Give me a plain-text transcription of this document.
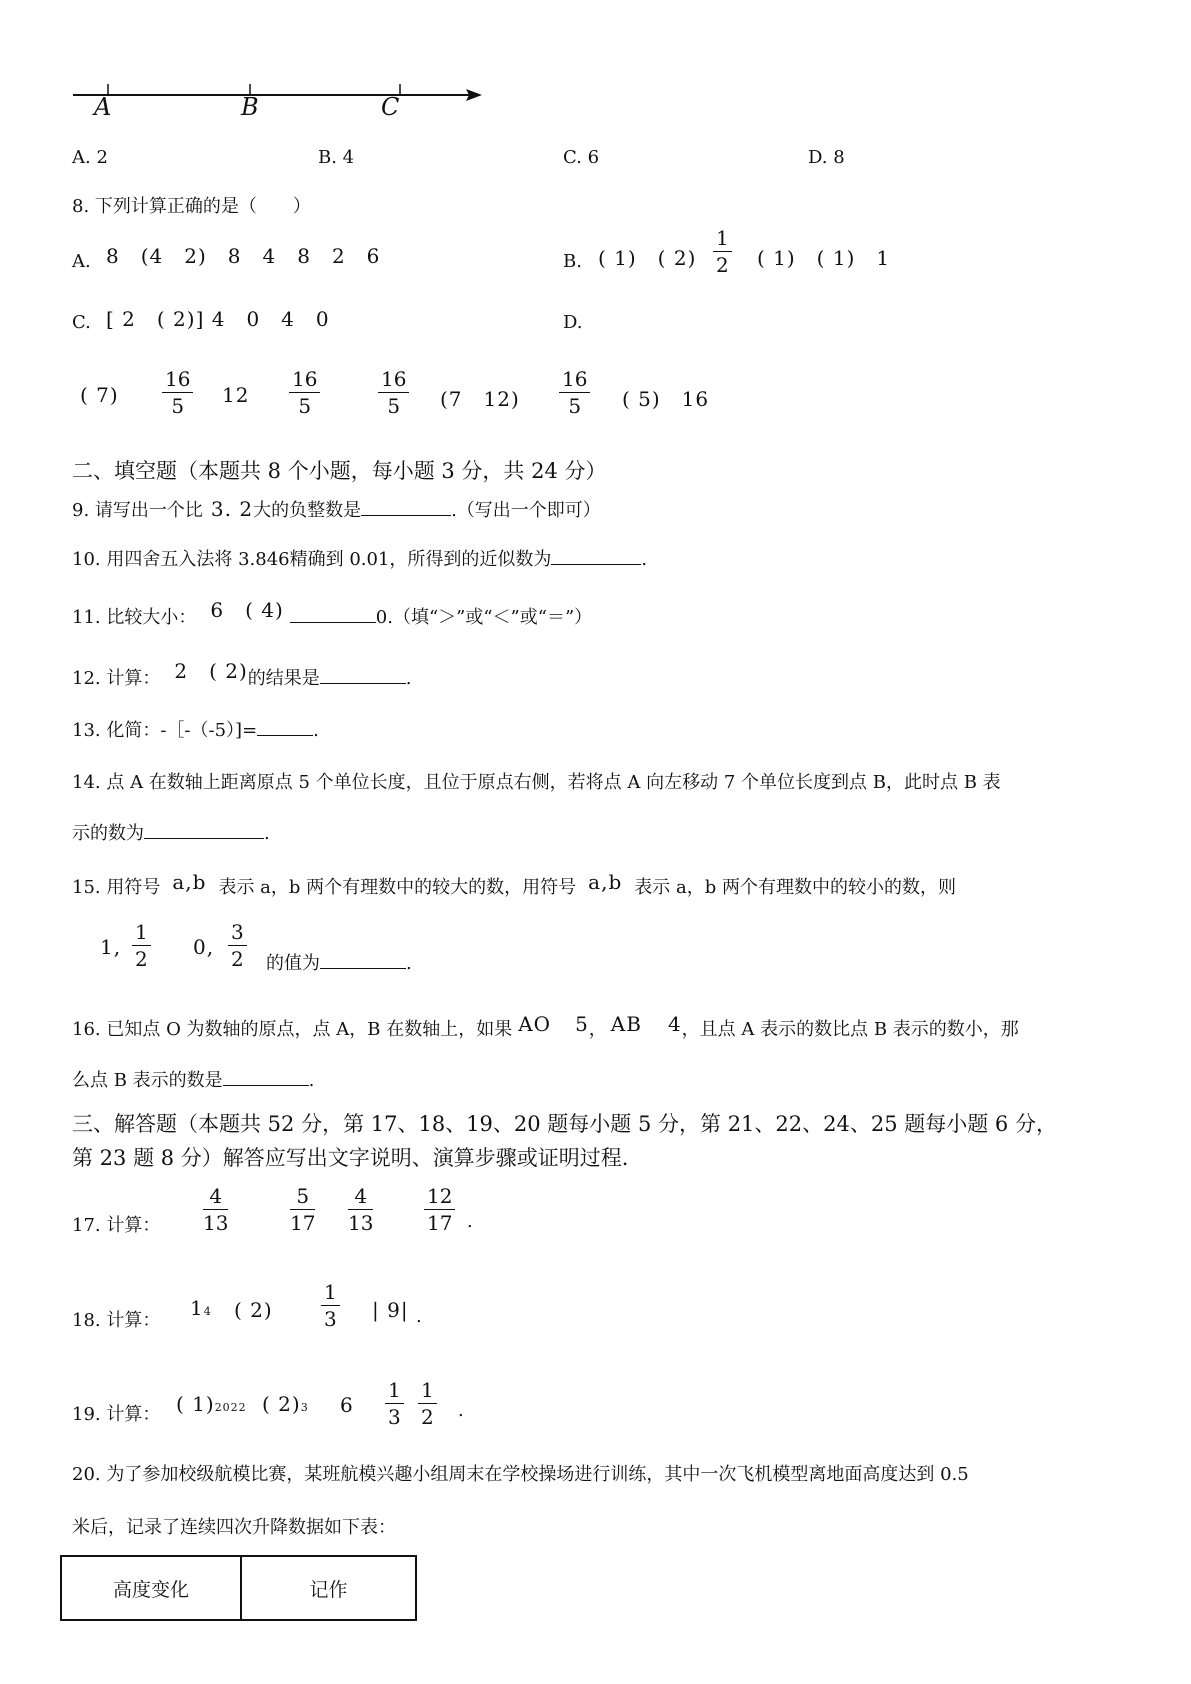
A	B	C
A. 2	B. 4	C. 6	D. 8
8. 下列计算正确的是（　　）
A. 8　(4　2)　8　4　8　2　6	B. ( 1)　( $2) \frac{1}{2}$ ( 1)　( 1)　1
C. [ 2　( 2)] 4　0　4　0	D.
( $7) \frac{16}{5} 12 \frac{16}{5}$	$\frac{16}{5} (7$　$12) \frac{16}{5}$ ( 5)　16
二、填空题（本题共 8 个小题，每小题 3 分，共 24 分）
9. 请写出一个比 3. 2大的负整数是	.（写出一个即可）
10. 用四舍五入法将 3.846精确到 0.01，所得到的近似数为	.
11. 比较大小： 6　( 4)	0.（填“＞”或“＜”或“＝”）
12. 计算： 2　( 2)的结果是	.
13. 化简：-［-（-5）]=	.
14. 点 A 在数轴上距离原点 5 个单位长度，且位于原点右侧，若将点 A 向左移动 7 个单位长度到点 B，此时点 B 表
示的数为	.
15. 用符号 a,b 表示 a，b 两个有理数中的较大的数，用符号 a,b 表示 a，b 两个有理数中的较小的数，则
1, $\frac{1}{2} 0$, $\frac{3}{2}$ 的值为	.
16. 已知点 O 为数轴的原点，点 A，B 在数轴上，如果 AO 5， AB 4，且点 A 表示的数比点 B 表示的数小，那
么点 B 表示的数是	.
三、解答题（本题共 52 分，第 17、18、19、20 题每小题 5 分，第 21、22、24、25 题每小题 6 分，
第 23 题 8 分）解答应写出文字说明、演算步骤或证明过程.
17. 计算： $\frac{4}{13}$	$\frac{5}{17} \frac{4}{13}$	$\frac{12}{17}$ .
18. 计算：
14 ( $2) \frac{1}{3}$ | 9| .
19. 计算： ( 1)2022 ( 2)3 $6 \frac{1}{3} \frac{1}{2}$ .
20. 为了参加校级航模比赛，某班航模兴趣小组周末在学校操场进行训练，其中一次飞机模型离地面高度达到 0.5
米后，记录了连续四次升降数据如下表：
高度变化	记作
